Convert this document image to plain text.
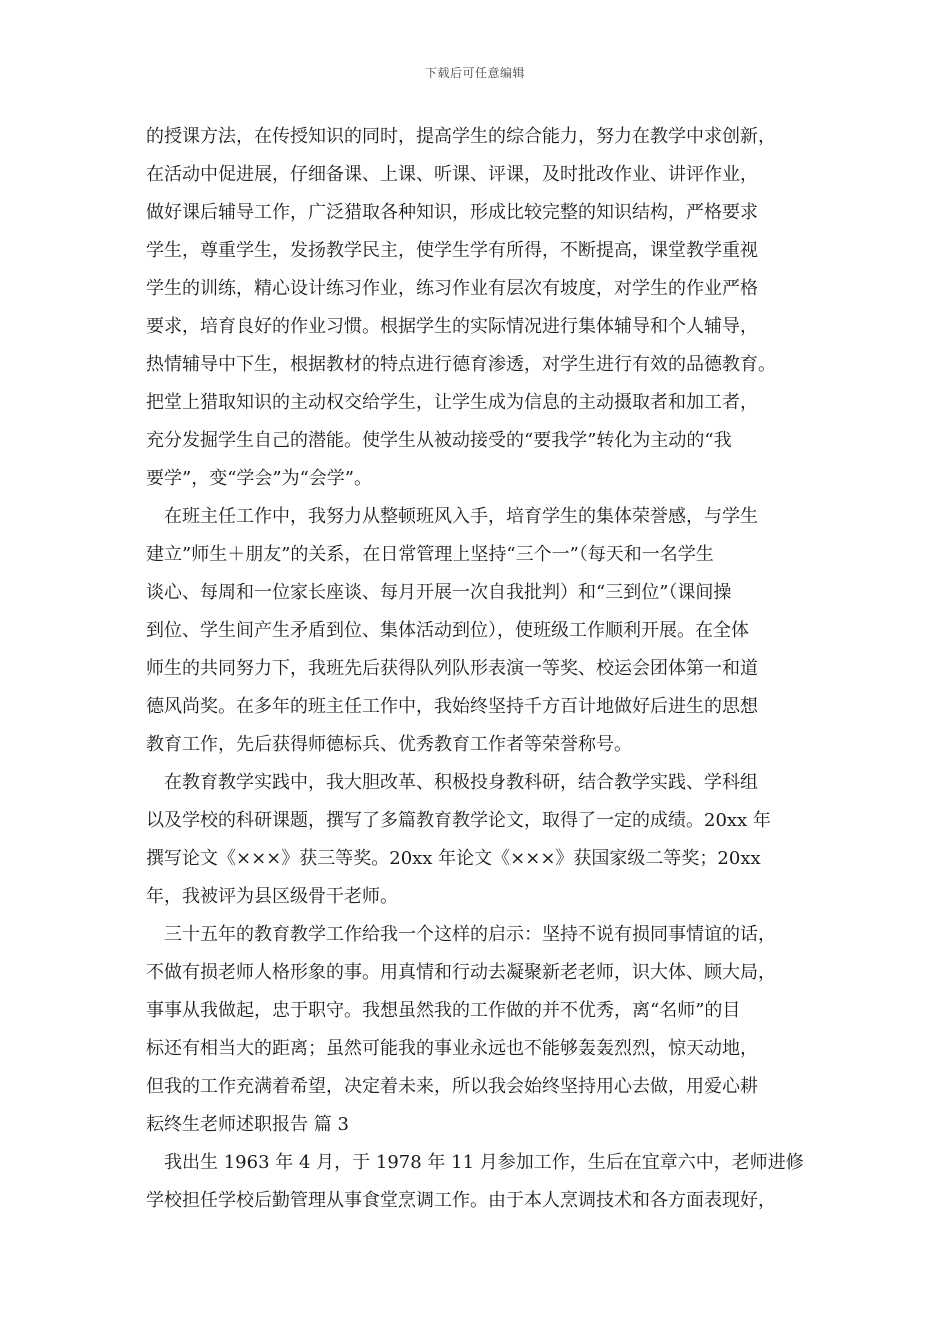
下载后可任意编辑
的授课方法，在传授知识的同时，提高学生的综合能力，努力在教学中求创新，
在活动中促进展，仔细备课、上课、听课、评课，及时批改作业、讲评作业，
做好课后辅导工作，广泛猎取各种知识，形成比较完整的知识结构，严格要求
学生，尊重学生，发扬教学民主，使学生学有所得，不断提高，课堂教学重视
学生的训练，精心设计练习作业，练习作业有层次有坡度，对学生的作业严格
要求，培育良好的作业习惯。根据学生的实际情况进行集体辅导和个人辅导，
热情辅导中下生，根据教材的特点进行德育渗透，对学生进行有效的品德教育。
把堂上猎取知识的主动权交给学生，让学生成为信息的主动摄取者和加工者，
充分发掘学生自己的潜能。使学生从被动接受的“要我学”转化为主动的“我
要学”，变“学会”为“会学”。
　在班主任工作中，我努力从整顿班风入手，培育学生的集体荣誉感，与学生
建立”师生＋朋友”的关系，在日常管理上坚持“三个一”（每天和一名学生
谈心、每周和一位家长座谈、每月开展一次自我批判）和“三到位”（课间操
到位、学生间产生矛盾到位、集体活动到位），使班级工作顺利开展。在全体
师生的共同努力下，我班先后获得队列队形表演一等奖、校运会团体第一和道
德风尚奖。在多年的班主任工作中，我始终坚持千方百计地做好后进生的思想
教育工作，先后获得师德标兵、优秀教育工作者等荣誉称号。
　在教育教学实践中，我大胆改革、积极投身教科研，结合教学实践、学科组
以及学校的科研课题，撰写了多篇教育教学论文，取得了一定的成绩。20xx 年
撰写论文《×××》获三等奖。20xx 年论文《×××》获国家级二等奖；20xx
年，我被评为县区级骨干老师。
　三十五年的教育教学工作给我一个这样的启示：坚持不说有损同事情谊的话，
不做有损老师人格形象的事。用真情和行动去凝聚新老老师，识大体、顾大局，
事事从我做起，忠于职守。我想虽然我的工作做的并不优秀，离“名师”的目
标还有相当大的距离；虽然可能我的事业永远也不能够轰轰烈烈，惊天动地，
但我的工作充满着希望，决定着未来，所以我会始终坚持用心去做，用爱心耕
耘终生老师述职报告 篇 3
　我出生 1963 年 4 月，于 1978 年 11 月参加工作，生后在宜章六中，老师进修
学校担任学校后勤管理从事食堂烹调工作。由于本人烹调技术和各方面表现好，
